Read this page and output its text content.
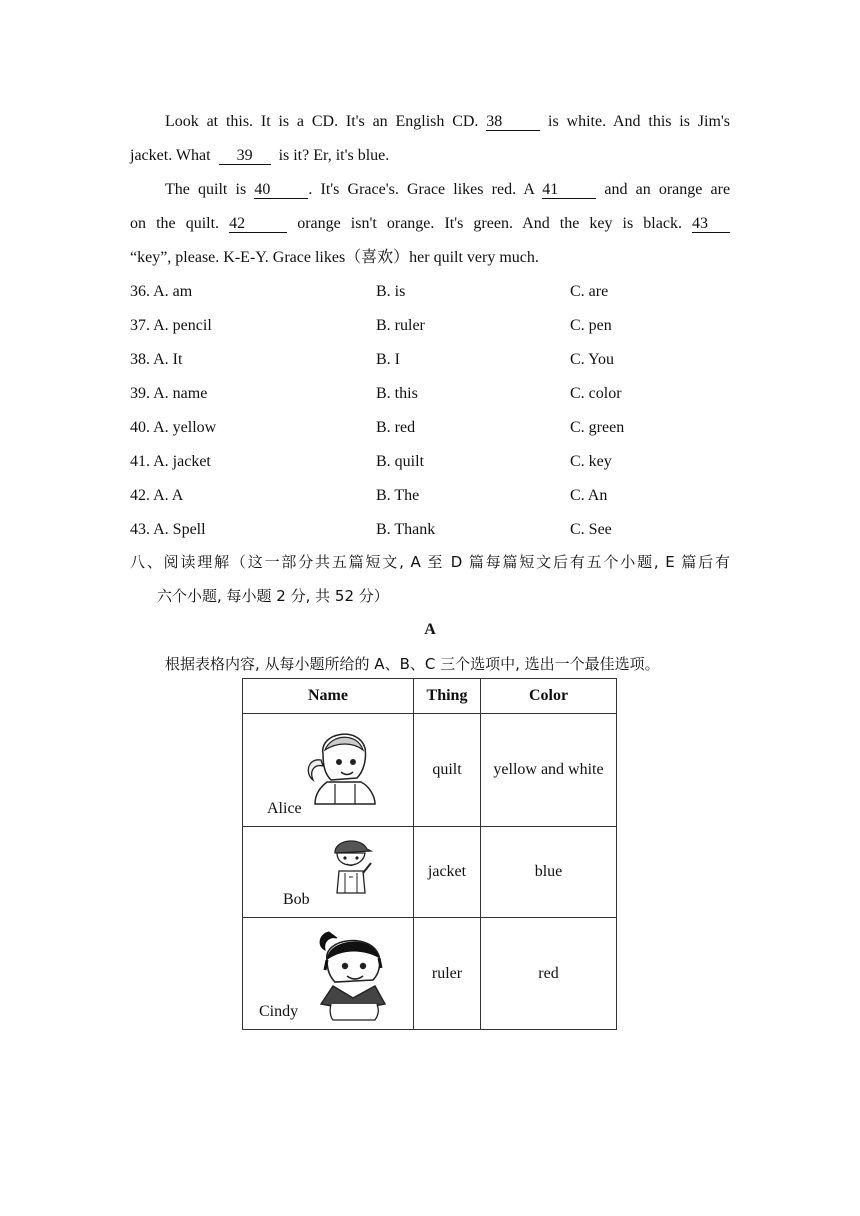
Look at this. It is a CD. It's an English CD. 38	is white. And this is Jim's
jacket. What 39 is it? Er, it's blue.
The quilt is 40 . It's Grace's. Grace likes red. A 41	and an orange are
on the quilt. 42	orange isn't orange. It's green. And the key is black. 43
“key”, please. K-E-Y. Grace likes（喜欢）her quilt very much.
36. A. am	B. is	C. are
37. A. pencil	B. ruler	C. pen
38. A. It	B. I	C. You
39. A. name	B. this	C. color
40. A. yellow	B. red	C. green
41. A. jacket	B. quilt	C. key
42. A. A	B. The	C. An
43. A. Spell	B. Thank	C. See
八、阅读理解（这一部分共五篇短文, A 至 D 篇每篇短文后有五个小题, E 篇后有
六个小题, 每小题 2 分, 共 52 分）
A
根据表格内容, 从每小题所给的 A、B、C 三个选项中, 选出一个最佳选项。
Name	Thing	Color

Alice	quilt	yellow and white

Bob	jacket	blue

Cindy	ruler	red
